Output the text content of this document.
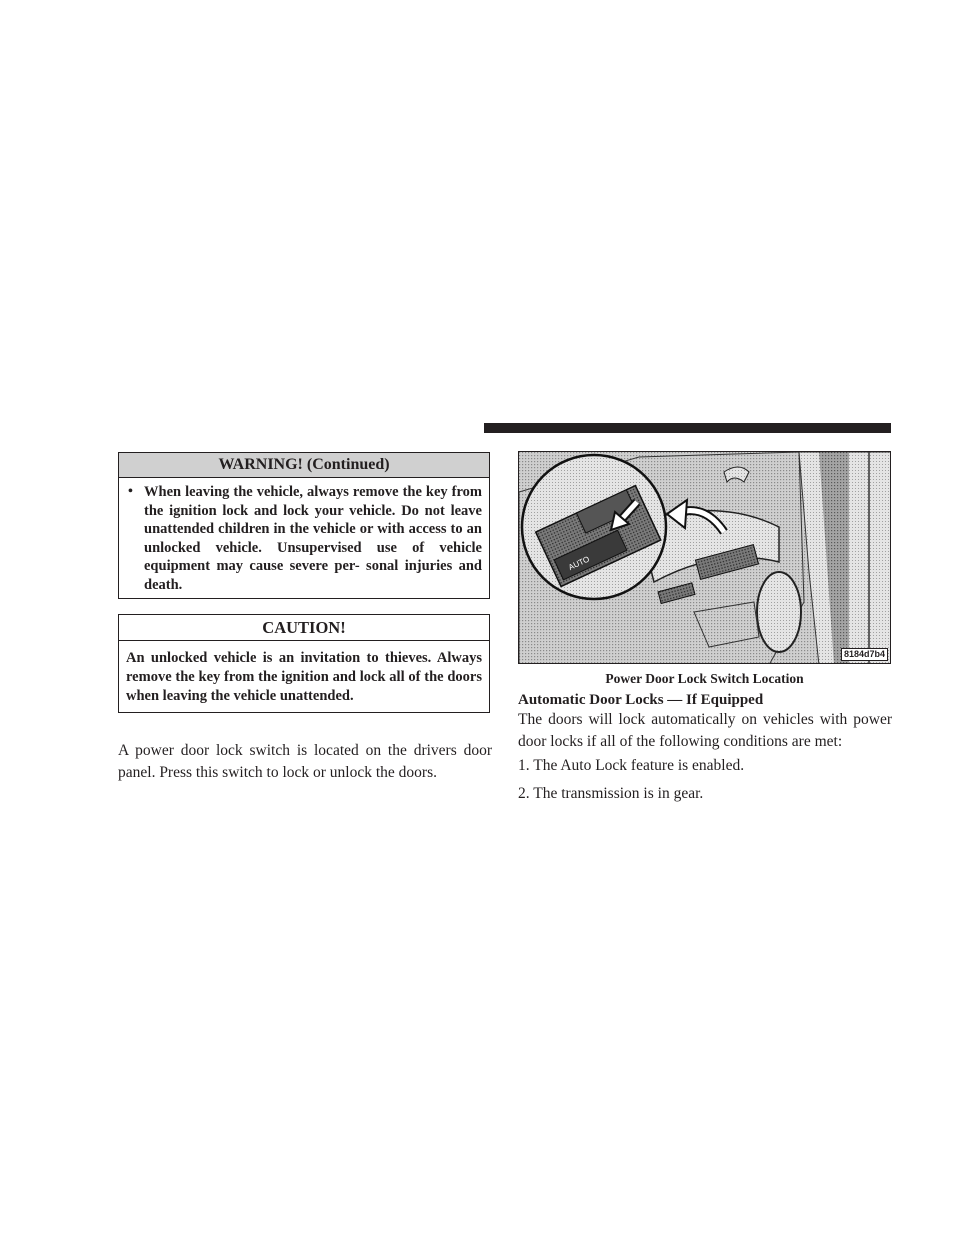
WARNING! (Continued)
• When leaving the vehicle, always remove the key from the ignition lock and lock your vehicle. Do not leave unattended children in the vehicle or with access to an unlocked vehicle. Unsupervised use of vehicle equipment may cause severe per- sonal injuries and death.
CAUTION!
An unlocked vehicle is an invitation to thieves. Always remove the key from the ignition and lock all of the doors when leaving the vehicle unattended.
A power door lock switch is located on the drivers door panel. Press this switch to lock or unlock the doors.
AUTO
8184d7b4
Power Door Lock Switch Location
Automatic Door Locks — If Equipped
The doors will lock automatically on vehicles with power door locks if all of the following conditions are met:
1. The Auto Lock feature is enabled.
2. The transmission is in gear.
